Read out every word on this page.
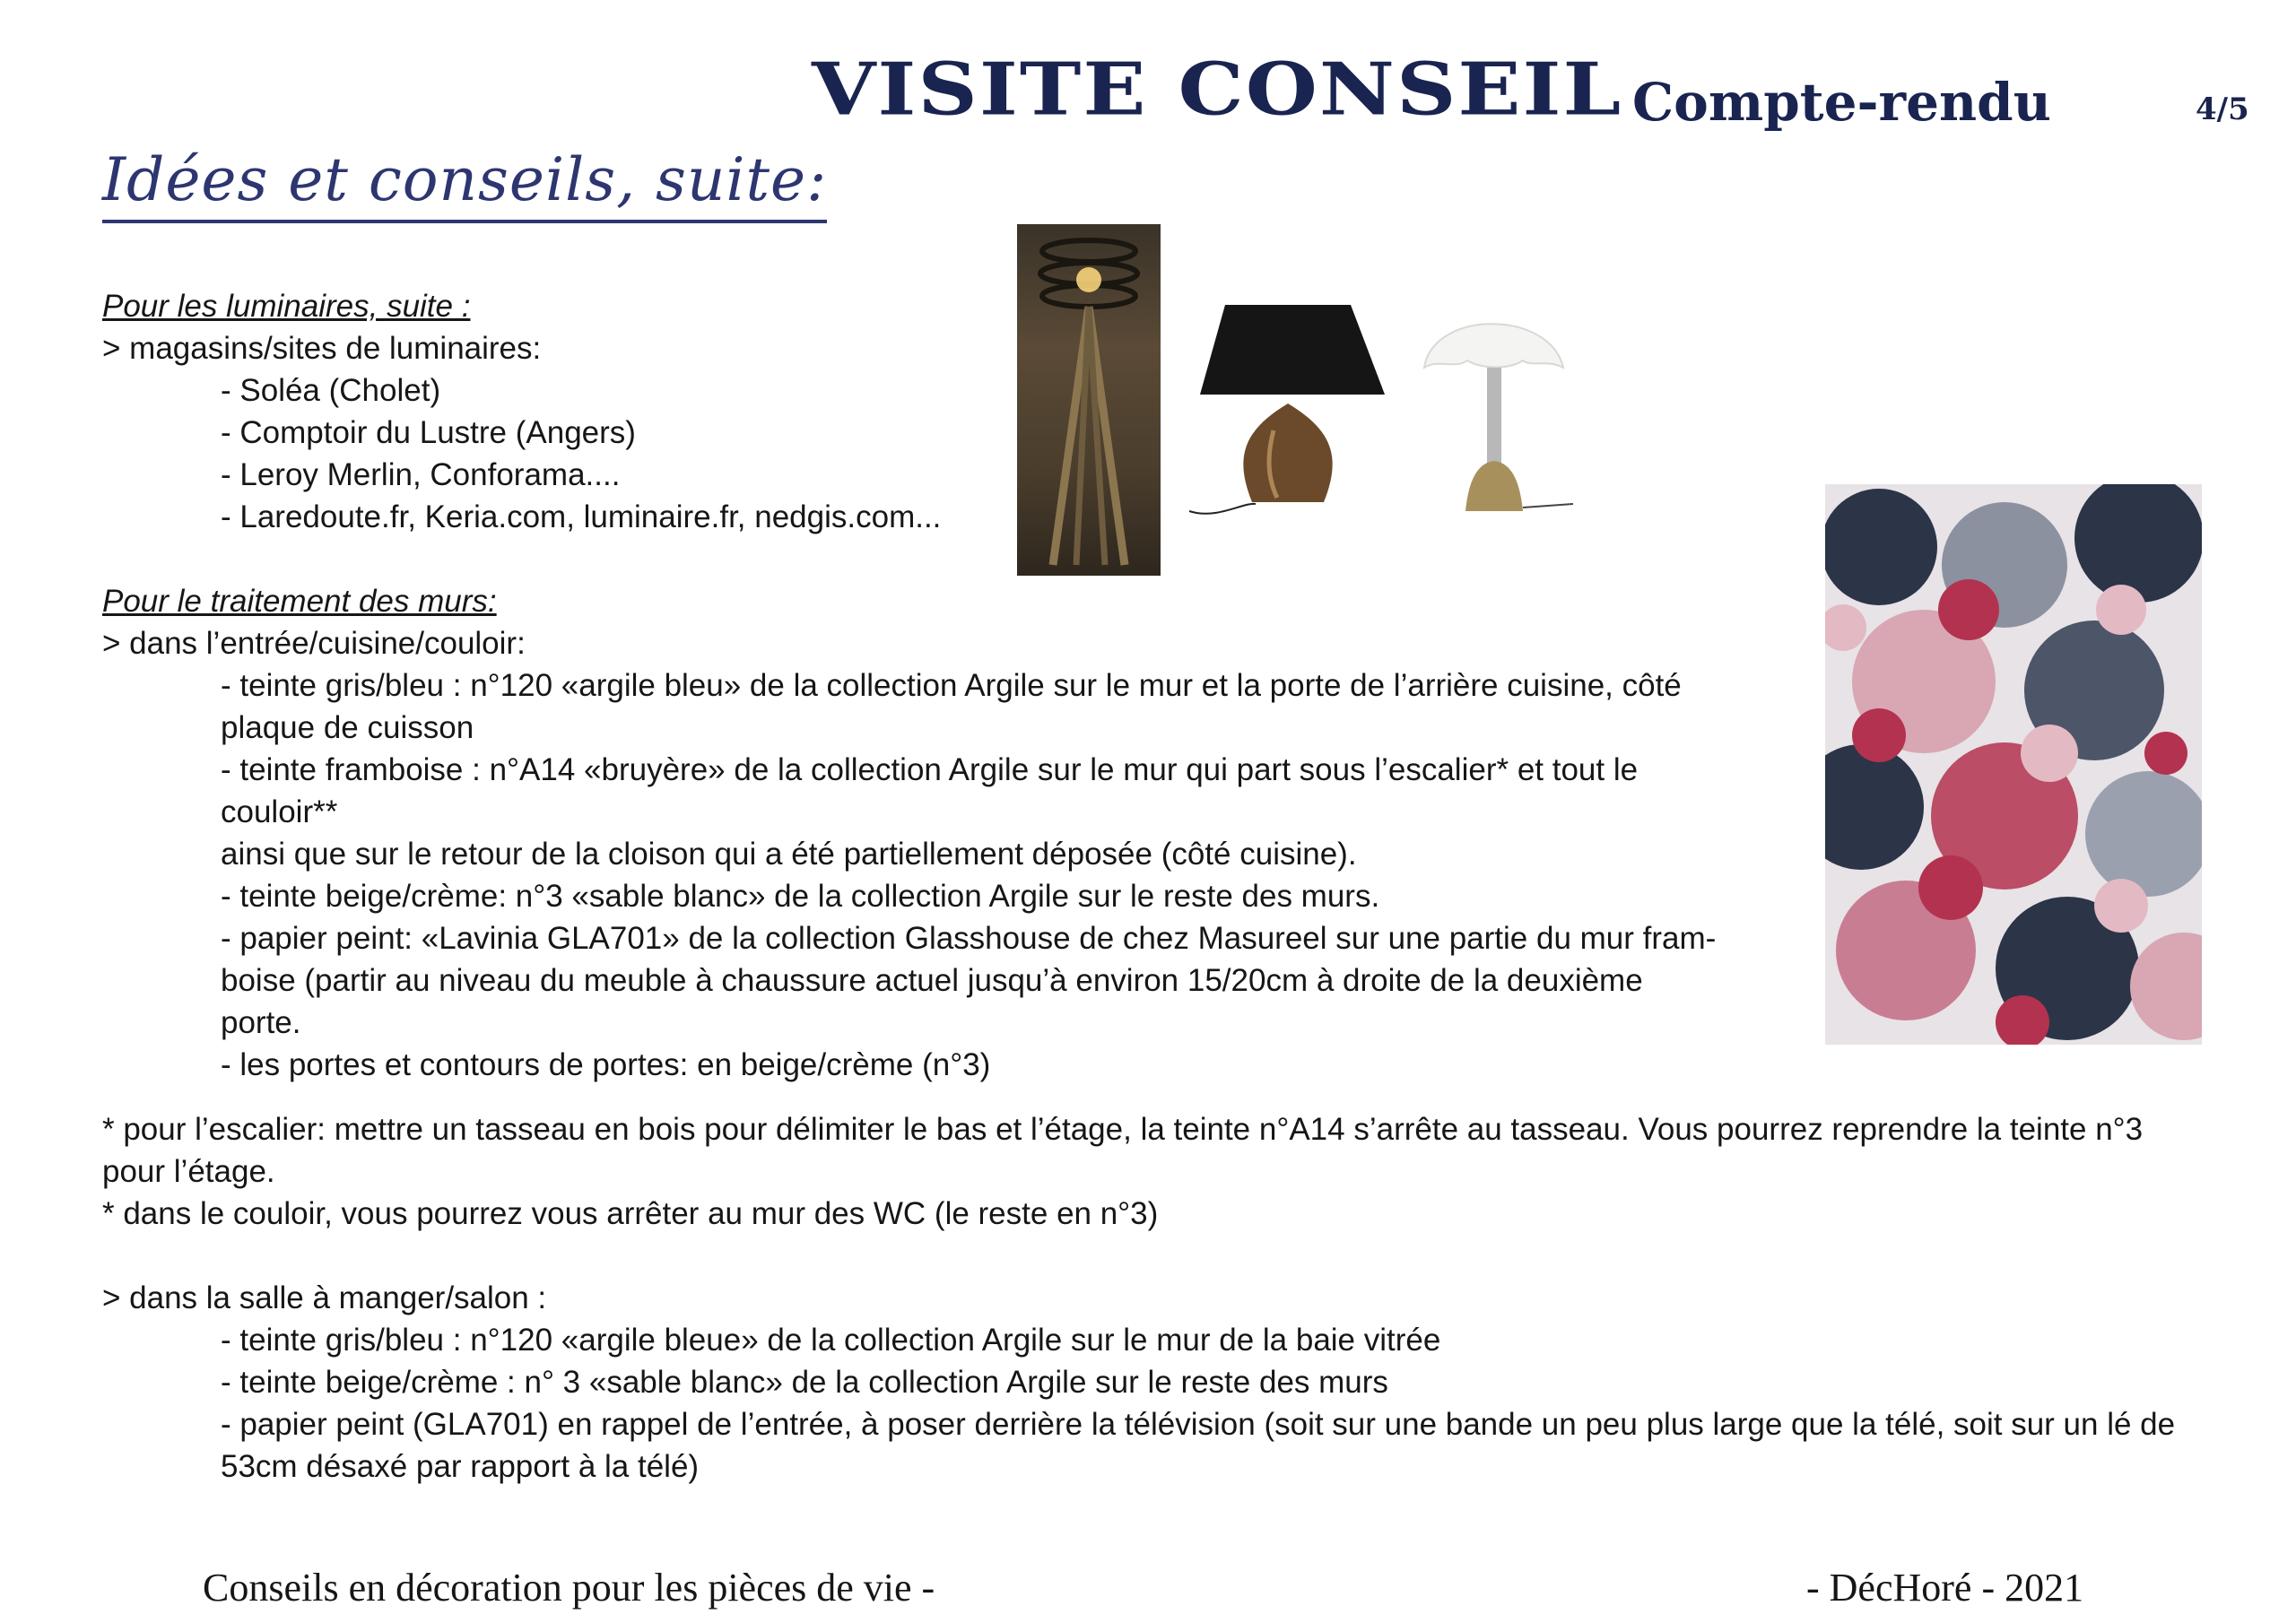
VISITE CONSEIL Compte-rendu	4/5
Idées et conseils, suite:
Pour les luminaires, suite :
> magasins/sites de luminaires:
- Soléa (Cholet)
- Comptoir du Lustre (Angers)
- Leroy Merlin, Conforama....
- Laredoute.fr, Keria.com, luminaire.fr, nedgis.com...
Pour le traitement des murs:
> dans l’entrée/cuisine/couloir:
- teinte gris/bleu : n°120 «argile bleu» de la collection Argile sur le mur et la porte de l’arrière cuisine, côté
plaque de cuisson
- teinte framboise : n°A14 «bruyère» de la collection Argile sur le mur qui part sous l’escalier* et tout le
couloir**
ainsi que sur le retour de la cloison qui a été partiellement déposée (côté cuisine).
- teinte beige/crème: n°3 «sable blanc» de la collection Argile sur le reste des murs.
- papier peint: «Lavinia GLA701» de la collection Glasshouse de chez Masureel sur une partie du mur fram-
boise (partir au niveau du meuble à chaussure actuel jusqu’à environ 15/20cm à droite de la deuxième
porte.
- les portes et contours de portes: en beige/crème (n°3)
* pour l’escalier: mettre un tasseau en bois pour délimiter le bas et l’étage, la teinte n°A14 s’arrête au tasseau. Vous pourrez reprendre la teinte n°3
pour l’étage.
* dans le couloir, vous pourrez vous arrêter au mur des WC (le reste en n°3)
> dans la salle à manger/salon :
- teinte gris/bleu : n°120 «argile bleue» de la collection Argile sur le mur de la baie vitrée
- teinte beige/crème : n° 3 «sable blanc» de la collection Argile sur le reste des murs
- papier peint (GLA701) en rappel de l’entrée, à poser derrière la télévision (soit sur une bande un peu plus large que la télé, soit sur un lé de
53cm désaxé par rapport à la télé)
Conseils en décoration pour les pièces de vie -	- DécHoré - 2021
